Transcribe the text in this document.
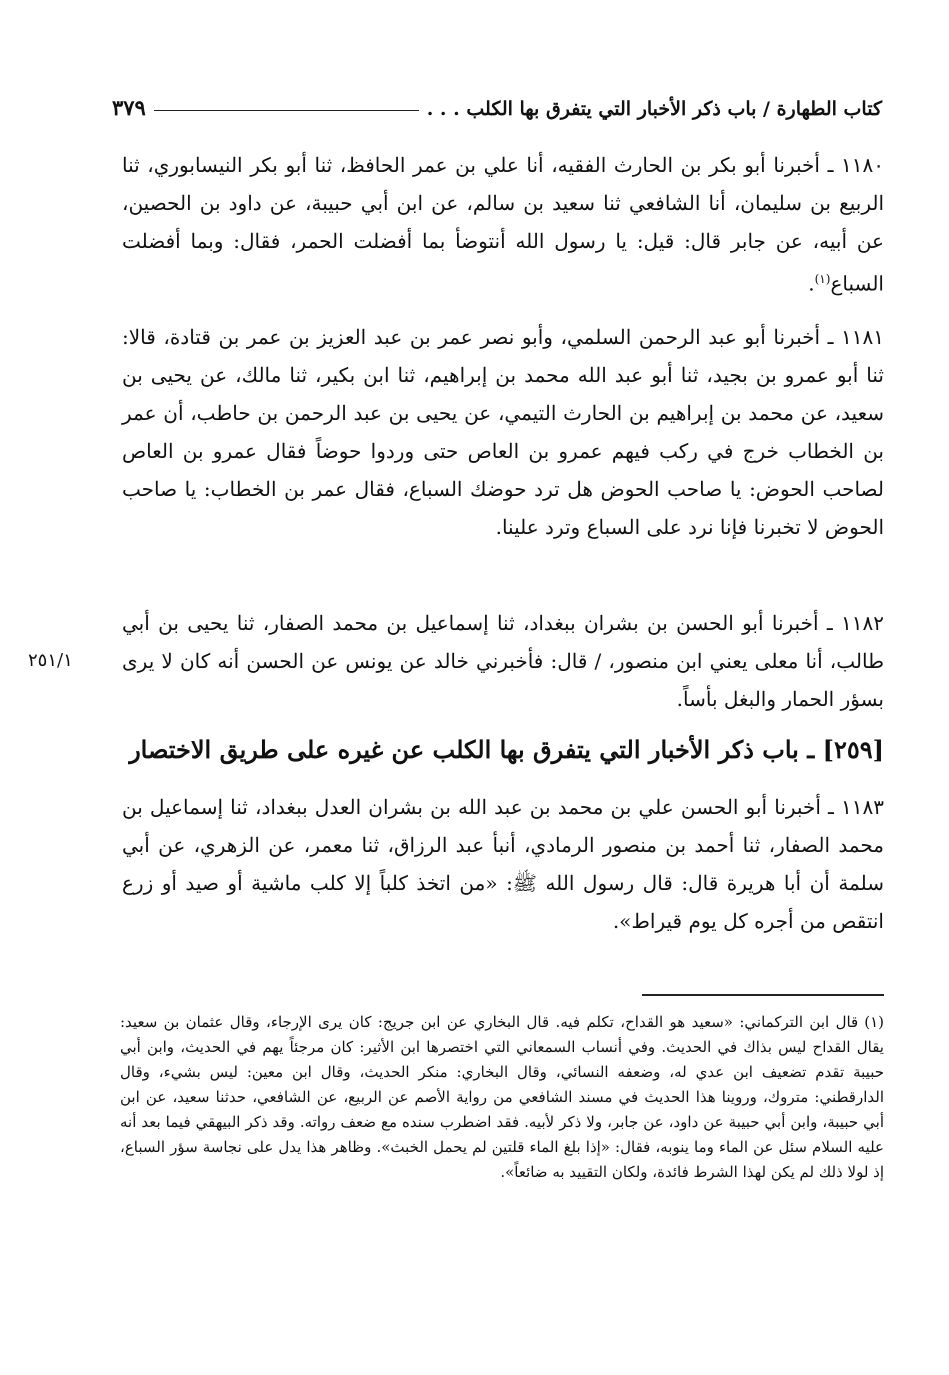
كتاب الطهارة / باب ذكر الأخبار التي يتفرق بها الكلب . . .
٣٧٩

١١٨٠ ـ أخبرنا أبو بكر بن الحارث الفقيه، أنا علي بن عمر الحافظ، ثنا أبو بكر النيسابوري، ثنا الربيع بن سليمان، أنا الشافعي ثنا سعيد بن سالم، عن ابن أبي حبيبة، عن داود بن الحصين، عن أبيه، عن جابر قال: قيل: يا رسول الله أنتوضأ بما أفضلت الحمر، فقال: وبما أفضلت السباع$^{(١)}$.

١١٨١ ـ أخبرنا أبو عبد الرحمن السلمي، وأبو نصر عمر بن عبد العزيز بن عمر بن قتادة، قالا: ثنا أبو عمرو بن بجيد، ثنا أبو عبد الله محمد بن إبراهيم، ثنا ابن بكير، ثنا مالك، عن يحيى بن سعيد، عن محمد بن إبراهيم بن الحارث التيمي، عن يحيى بن عبد الرحمن بن حاطب، أن عمر بن الخطاب خرج في ركب فيهم عمرو بن العاص حتى وردوا حوضاً فقال عمرو بن العاص لصاحب الحوض: يا صاحب الحوض هل ترد حوضك السباع، فقال عمر بن الخطاب: يا صاحب الحوض لا تخبرنا فإنا نرد على السباع وترد علينا.

١١٨٢ ـ أخبرنا أبو الحسن بن بشران ببغداد، ثنا إسماعيل بن محمد الصفار، ثنا يحيى بن أبي طالب، أنا معلى يعني ابن منصور، / قال: فأخبرني خالد عن يونس عن الحسن أنه كان لا يرى بسؤر الحمار والبغل بأساً.

٢٥١/١
[٢٥٩] ـ باب ذكر الأخبار التي يتفرق بها الكلب عن غيره على طريق الاختصار

١١٨٣ ـ أخبرنا أبو الحسن علي بن محمد بن عبد الله بن بشران العدل ببغداد، ثنا إسماعيل بن محمد الصفار، ثنا أحمد بن منصور الرمادي، أنبأ عبد الرزاق، ثنا معمر، عن الزهري، عن أبي سلمة أن أبا هريرة قال: قال رسول الله ﷺ: «من اتخذ كلباً إلا كلب ماشية أو صيد أو زرع انتقص من أجره كل يوم قيراط».

(١)قال ابن التركماني: «سعيد هو القداح، تكلم فيه. قال البخاري عن ابن جريج: كان يرى الإرجاء، وقال عثمان بن سعيد: يقال القداح ليس بذاك في الحديث. وفي أنساب السمعاني التي اختصرها ابن الأثير: كان مرجئاً يهم في الحديث، وابن أبي حبيبة تقدم تضعيف ابن عدي له، وضعفه النسائي، وقال البخاري: منكر الحديث، وقال ابن معين: ليس بشيء، وقال الدارقطني: متروك، وروينا هذا الحديث في مسند الشافعي من رواية الأصم عن الربيع، عن الشافعي، حدثنا سعيد، عن ابن أبي حبيبة، وابن أبي حبيبة عن داود، عن جابر، ولا ذكر لأبيه. فقد اضطرب سنده مع ضعف رواته. وقد ذكر البيهقي فيما بعد أنه عليه السلام سئل عن الماء وما ينوبه، فقال: «إذا بلغ الماء قلتين لم يحمل الخبث». وظاهر هذا يدل على نجاسة سؤر السباع، إذ لولا ذلك لم يكن لهذا الشرط فائدة، ولكان التقييد به ضائعاً».
